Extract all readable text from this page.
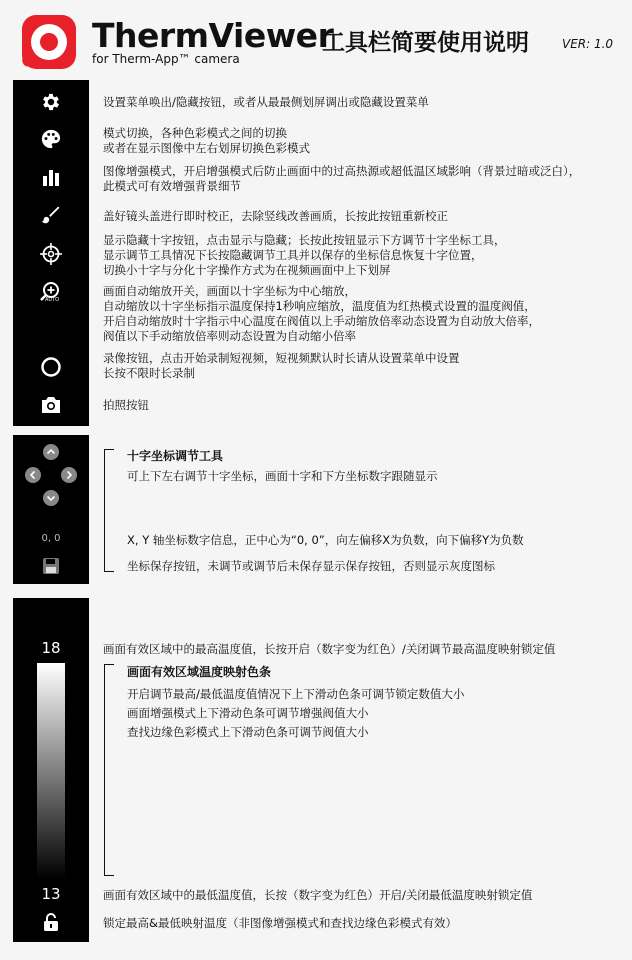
ThermViewer
工具栏简要使用说明	VER: 1.0
for Therm-App™ camera
AUTO
设置菜单唤出/隐藏按钮，或者从最最侧划屏调出或隐藏设置菜单
模式切换，各种色彩模式之间的切换
或者在显示图像中左右划屏切换色彩模式
图像增强模式，开启增强模式后防止画面中的过高热源或超低温区域影响（背景过暗或泛白），
此模式可有效增强背景细节
盖好镜头盖进行即时校正，去除竖线改善画质，长按此按钮重新校正
显示隐藏十字按钮，点击显示与隐藏；长按此按钮显示下方调节十字坐标工具，
显示调节工具情况下长按隐藏调节工具并以保存的坐标信息恢复十字位置，
切换小十字与分化十字操作方式为在视频画面中上下划屏
画面自动缩放开关，画面以十字坐标为中心缩放，
自动缩放以十字坐标指示温度保持1秒响应缩放，温度值为红热模式设置的温度阀值，
开启自动缩放时十字指示中心温度在阀值以上手动缩放倍率动态设置为自动放大倍率，
阀值以下手动缩放倍率则动态设置为自动缩小倍率
录像按钮，点击开始录制短视频，短视频默认时长请从设置菜单中设置
长按不限时长录制
拍照按钮
0, 0
十字坐标调节工具
可上下左右调节十字坐标，画面十字和下方坐标数字跟随显示
X, Y 轴坐标数字信息，正中心为“0, 0”，向左偏移X为负数，向下偏移Y为负数
坐标保存按钮，未调节或调节后未保存显示保存按钮，否则显示灰度图标
18
13
画面有效区域中的最高温度值，长按开启（数字变为红色）/关闭调节最高温度映射锁定值
画面有效区域温度映射色条
开启调节最高/最低温度值情况下上下滑动色条可调节锁定数值大小
画面增强模式上下滑动色条可调节增强阀值大小
查找边缘色彩模式上下滑动色条可调节阀值大小
画面有效区域中的最低温度值，长按（数字变为红色）开启/关闭最低温度映射锁定值
锁定最高&最低映射温度（非图像增强模式和查找边缘色彩模式有效）
